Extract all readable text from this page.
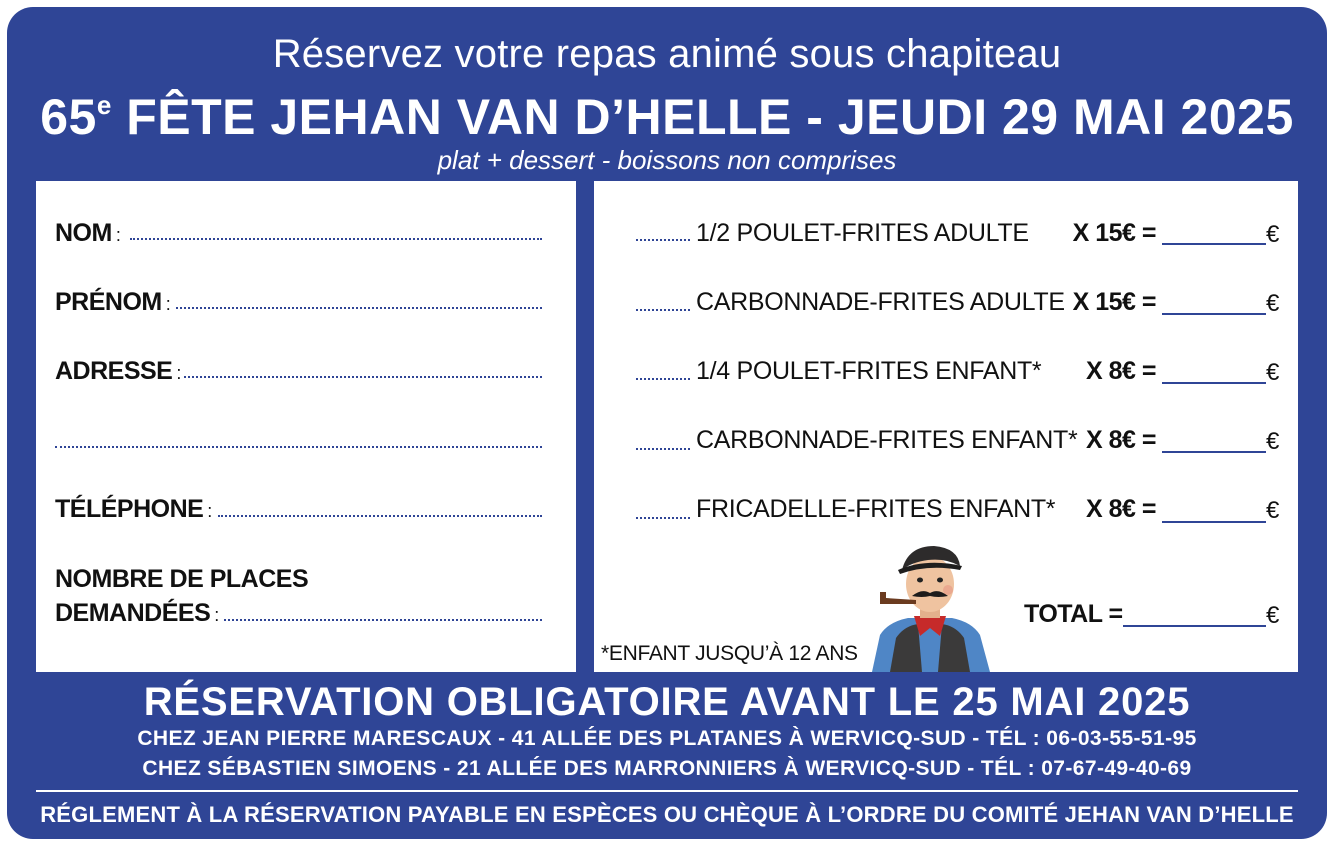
Réservez votre repas animé sous chapiteau
65e FÊTE JEHAN VAN D’HELLE - JEUDI 29 MAI 2025
plat + dessert - boissons non comprises
NOM :
PRÉNOM :
ADRESSE :
TÉLÉPHONE :
NOMBRE DE PLACES
DEMANDÉES :
1/2 POULET-FRITES ADULTE	X 15€ =	€
CARBONNADE-FRITES ADULTE X 15€ =	€
1/4 POULET-FRITES ENFANT*	X 8€ =	€
CARBONNADE-FRITES ENFANT* X 8€ =	€
FRICADELLE-FRITES ENFANT*	X 8€ =	€
TOTAL =	€
*ENFANT JUSQU’À 12 ANS
RÉSERVATION OBLIGATOIRE AVANT LE 25 MAI 2025
CHEZ JEAN PIERRE MARESCAUX - 41 ALLÉE DES PLATANES À WERVICQ-SUD - TÉL : 06-03-55-51-95
CHEZ SÉBASTIEN SIMOENS - 21 ALLÉE DES MARRONNIERS À WERVICQ-SUD - TÉL : 07-67-49-40-69
RÉGLEMENT À LA RÉSERVATION PAYABLE EN ESPÈCES OU CHÈQUE À L’ORDRE DU COMITÉ JEHAN VAN D’HELLE
